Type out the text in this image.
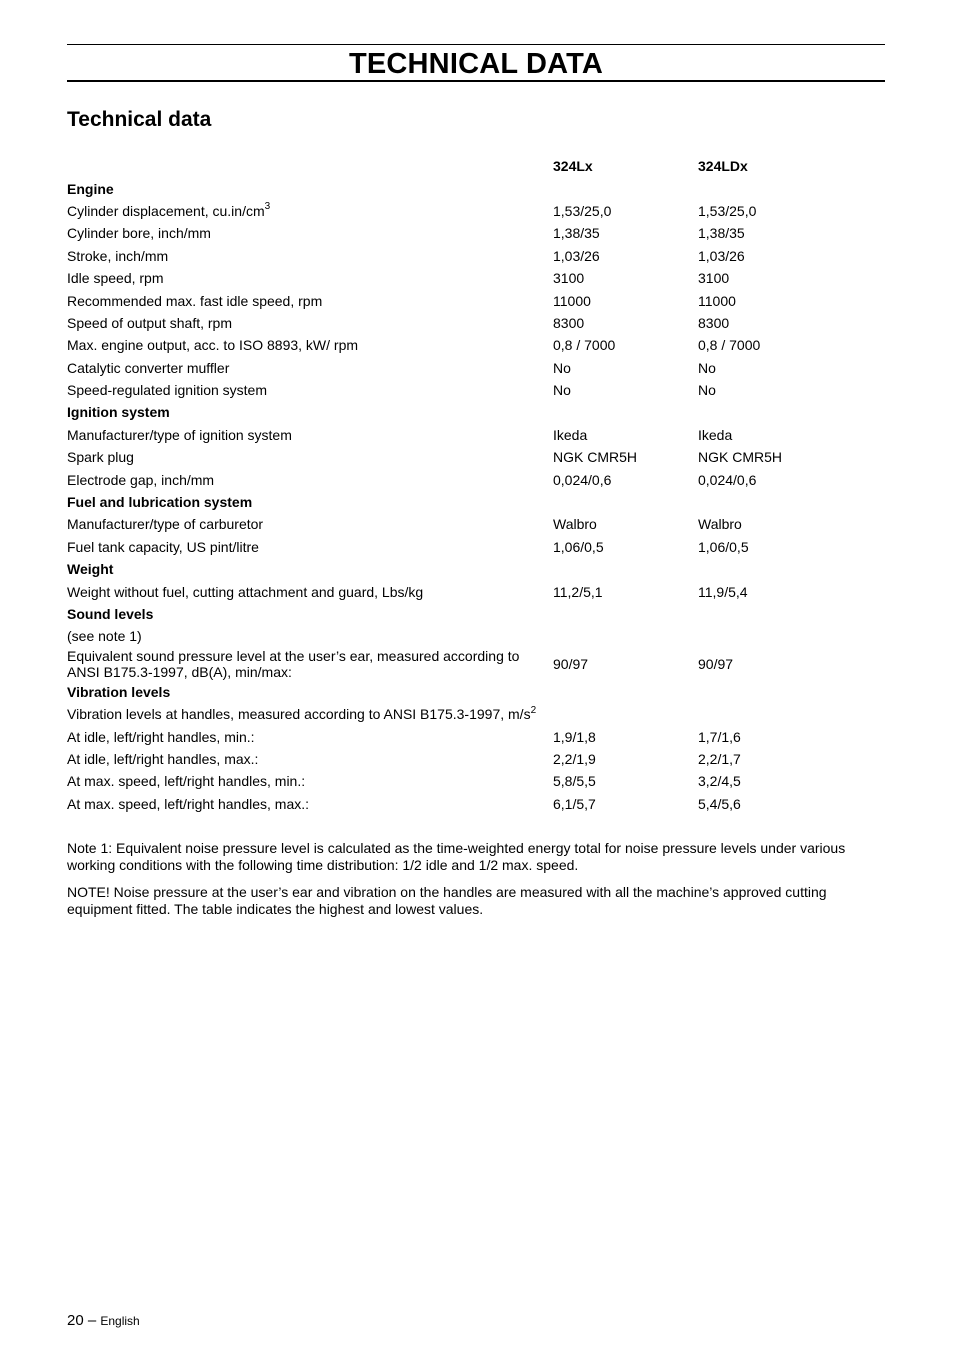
TECHNICAL DATA
Technical data
	324Lx	324LDx
Engine		
Cylinder displacement, $cu.in/cm^3$	1,53/25,0	1,53/25,0
Cylinder bore, inch/mm	1,38/35	1,38/35
Stroke, inch/mm	1,03/26	1,03/26
Idle speed, rpm	3100	3100
Recommended max. fast idle speed, rpm	11000	11000
Speed of output shaft, rpm	8300	8300
Max. engine output, acc. to ISO 8893, kW/ rpm	0,8 / 7000	0,8 / 7000
Catalytic converter muffler	No	No
Speed-regulated ignition system	No	No
Ignition system		
Manufacturer/type of ignition system	Ikeda	Ikeda
Spark plug	NGK CMR5H	NGK CMR5H
Electrode gap, inch/mm	0,024/0,6	0,024/0,6
Fuel and lubrication system		
Manufacturer/type of carburetor	Walbro	Walbro
Fuel tank capacity, US pint/litre	1,06/0,5	1,06/0,5
Weight		
Weight without fuel, cutting attachment and guard, Lbs/kg	11,2/5,1	11,9/5,4
Sound levels		
(see note 1)		
Equivalent sound pressure level at the user’s ear, measured according to
ANSI B175.3-1997, dB(A), min/max:	90/97	90/97
Vibration levels		
Vibration levels at handles, measured according to ANSI B175.3-1997, $m/s^2$		
At idle, left/right handles, min.:	1,9/1,8	1,7/1,6
At idle, left/right handles, max.:	2,2/1,9	2,2/1,7
At max. speed, left/right handles, min.:	5,8/5,5	3,2/4,5
At max. speed, left/right handles, max.:	6,1/5,7	5,4/5,6

Note 1: Equivalent noise pressure level is calculated as the time-weighted energy total for noise pressure levels under various working conditions with the following time distribution: 1/2 idle and 1/2 max. speed.

NOTE! Noise pressure at the user’s ear and vibration on the handles are measured with all the machine’s approved cutting equipment fitted. The table indicates the highest and lowest values.

20 – English
